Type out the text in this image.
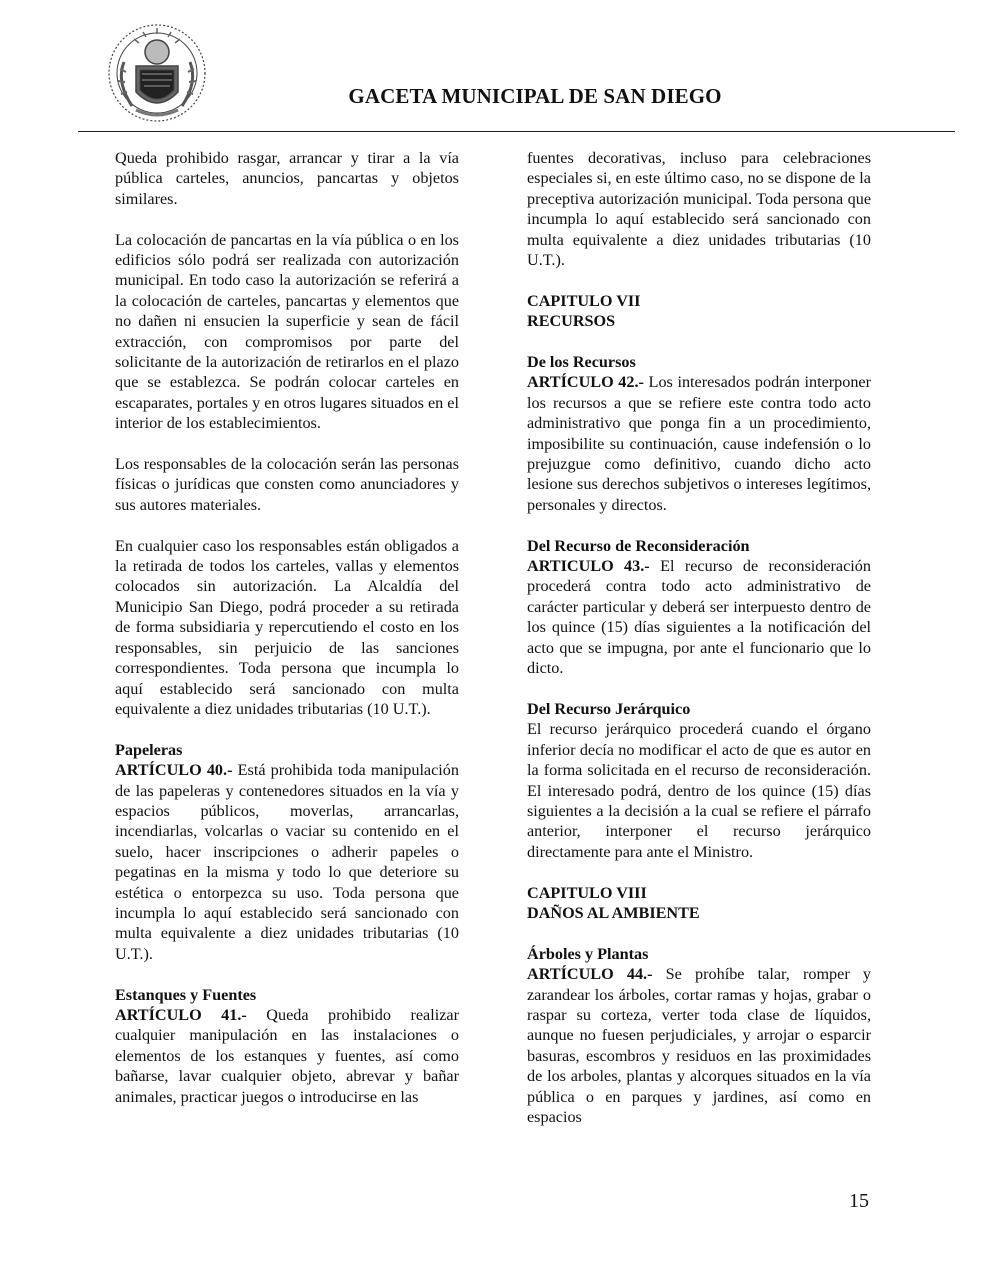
GACETA MUNICIPAL DE SAN DIEGO

Queda prohibido rasgar, arrancar y tirar a la vía pública carteles, anuncios, pancartas y objetos similares.

La colocación de pancartas en la vía pública o en los edificios sólo podrá ser realizada con autorización municipal. En todo caso la autorización se referirá a la colocación de carteles, pancartas y elementos que no dañen ni ensucien la superficie y sean de fácil extracción, con compromisos por parte del solicitante de la autorización de retirarlos en el plazo que se establezca. Se podrán colocar carteles en escaparates, portales y en otros lugares situados en el interior de los establecimientos.

Los responsables de la colocación serán las personas físicas o jurídicas que consten como anunciadores y sus autores materiales.

En cualquier caso los responsables están obligados a la retirada de todos los carteles, vallas y elementos colocados sin autorización. La Alcaldía del Municipio San Diego, podrá proceder a su retirada de forma subsidiaria y repercutiendo el costo en los responsables, sin perjuicio de las sanciones correspondientes. Toda persona que incumpla lo aquí establecido será sancionado con multa equivalente a diez unidades tributarias (10 U.T.).

Papeleras

ARTÍCULO 40.- Está prohibida toda manipulación de las papeleras y contenedores situados en la vía y espacios públicos, moverlas, arrancarlas, incendiarlas, volcarlas o vaciar su contenido en el suelo, hacer inscripciones o adherir papeles o pegatinas en la misma y todo lo que deteriore su estética o entorpezca su uso. Toda persona que incumpla lo aquí establecido será sancionado con multa equivalente a diez unidades tributarias (10 U.T.).

Estanques y Fuentes

ARTÍCULO 41.- Queda prohibido realizar cualquier manipulación en las instalaciones o elementos de los estanques y fuentes, así como bañarse, lavar cualquier objeto, abrevar y bañar animales, practicar juegos o introducirse en las

fuentes decorativas, incluso para celebraciones especiales si, en este último caso, no se dispone de la preceptiva autorización municipal. Toda persona que incumpla lo aquí establecido será sancionado con multa equivalente a diez unidades tributarias (10 U.T.).

CAPITULO VII

RECURSOS

De los Recursos

ARTÍCULO 42.- Los interesados podrán interponer los recursos a que se refiere este contra todo acto administrativo que ponga fin a un procedimiento, imposibilite su continuación, cause indefensión o lo prejuzgue como definitivo, cuando dicho acto lesione sus derechos subjetivos o intereses legítimos, personales y directos.

Del Recurso de Reconsideración

ARTICULO 43.- El recurso de reconsideración procederá contra todo acto administrativo de carácter particular y deberá ser interpuesto dentro de los quince (15) días siguientes a la notificación del acto que se impugna, por ante el funcionario que lo dicto.

Del Recurso Jerárquico

El recurso jerárquico procederá cuando el órgano inferior decía no modificar el acto de que es autor en la forma solicitada en el recurso de reconsideración. El interesado podrá, dentro de los quince (15) días siguientes a la decisión a la cual se refiere el párrafo anterior, interponer el recurso jerárquico directamente para ante el Ministro.

CAPITULO VIII

DAÑOS AL AMBIENTE

Árboles y Plantas

ARTÍCULO 44.- Se prohíbe talar, romper y zarandear los árboles, cortar ramas y hojas, grabar o raspar su corteza, verter toda clase de líquidos, aunque no fuesen perjudiciales, y arrojar o esparcir basuras, escombros y residuos en las proximidades de los arboles, plantas y alcorques situados en la vía pública o en parques y jardines, así como en espacios

15
